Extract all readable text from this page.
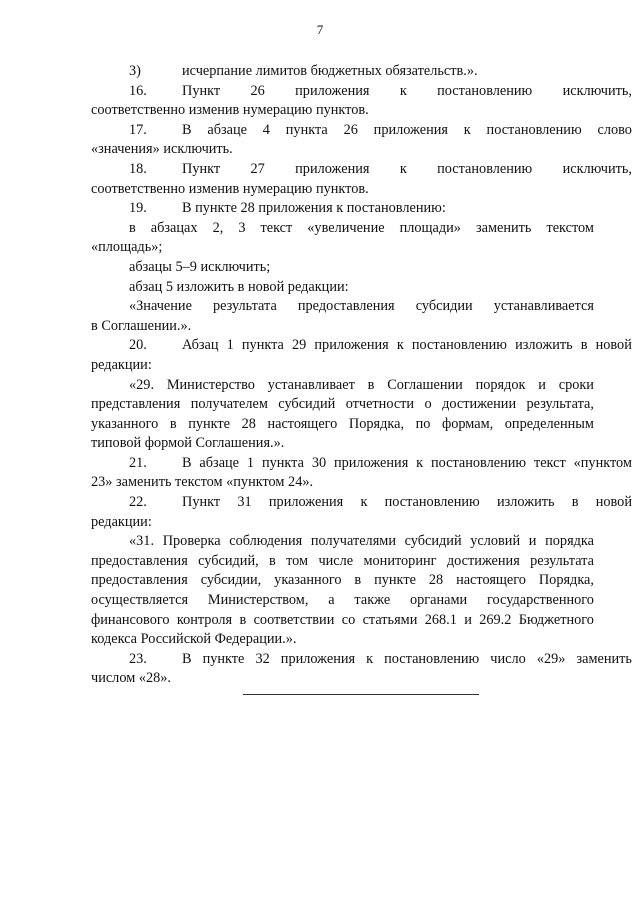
7
3)	исчерпание лимитов бюджетных обязательств.».
16. Пункт 26 приложения к постановлению исключить,
соответственно изменив нумерацию пунктов.
17. В абзаце 4 пункта 26 приложения к постановлению слово
«значения» исключить.
18. Пункт 27 приложения к постановлению исключить,
соответственно изменив нумерацию пунктов.
19. В пункте 28 приложения к постановлению:
в абзацах 2, 3 текст «увеличение площади» заменить текстом
«площадь»;
абзацы 5–9 исключить;
абзац 5 изложить в новой редакции:
«Значение результата предоставления субсидии устанавливается
в Соглашении.».
20. Абзац 1 пункта 29 приложения к постановлению изложить в новой
редакции:
«29. Министерство устанавливает в Соглашении порядок и сроки
представления получателем субсидий отчетности о достижении результата,
указанного в пункте 28 настоящего Порядка, по формам, определенным
типовой формой Соглашения.».
21. В абзаце 1 пункта 30 приложения к постановлению текст «пунктом
23» заменить текстом «пунктом 24».
22. Пункт 31 приложения к постановлению изложить в новой
редакции:
«31. Проверка соблюдения получателями субсидий условий и порядка
предоставления субсидий, в том числе мониторинг достижения результата
предоставления субсидии, указанного в пункте 28 настоящего Порядка,
осуществляется Министерством, а также органами государственного
финансового контроля в соответствии со статьями 268.1 и 269.2 Бюджетного
кодекса Российской Федерации.».
23. В пункте 32 приложения к постановлению число «29» заменить
числом «28».
